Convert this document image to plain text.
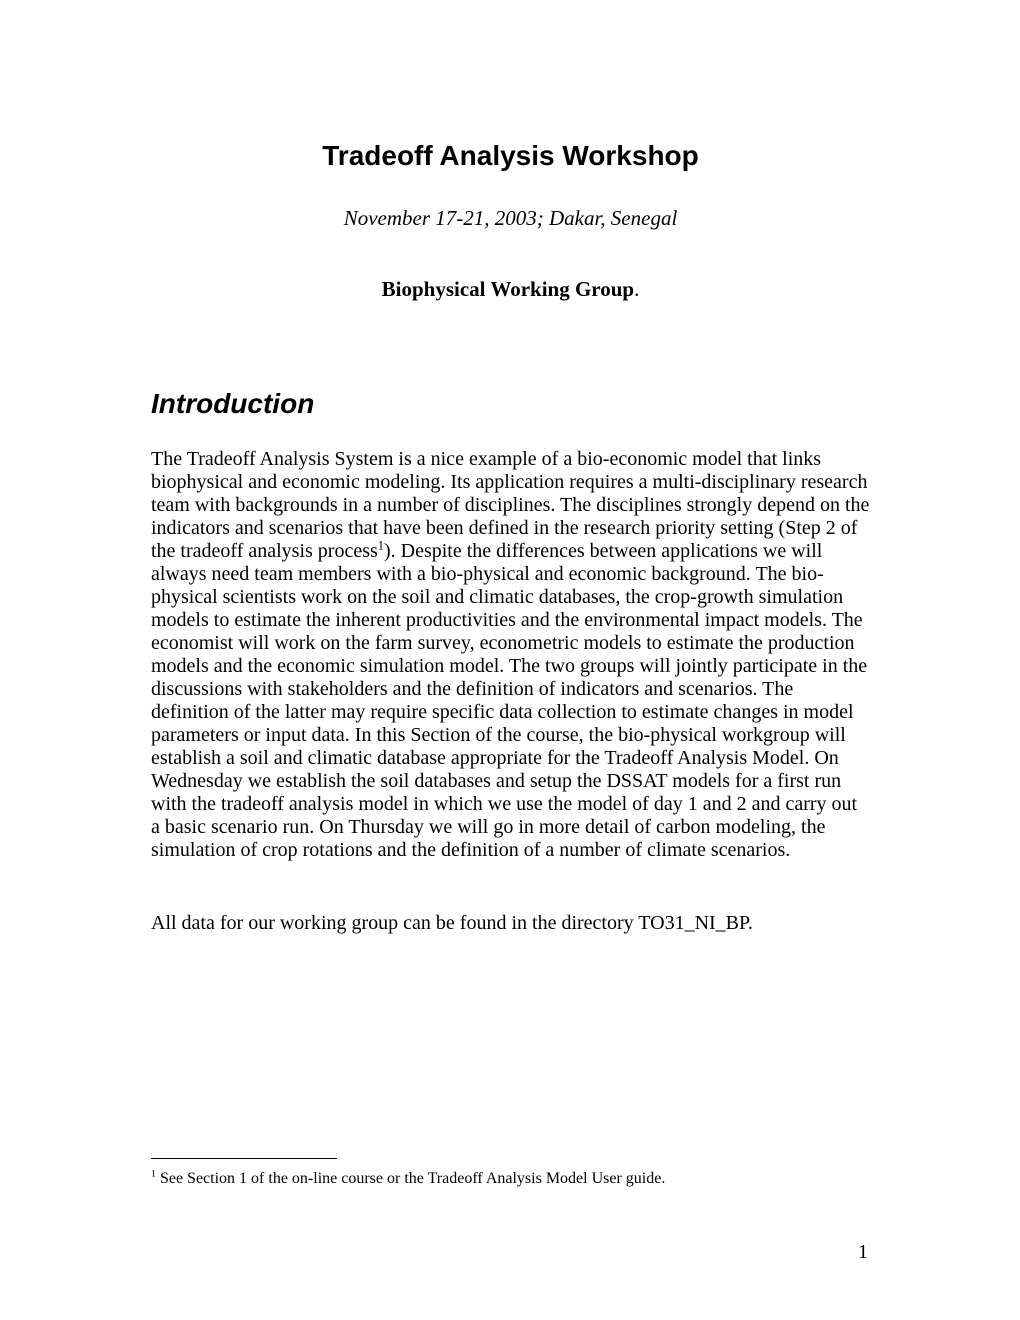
Tradeoff Analysis Workshop

November 17-21, 2003; Dakar, Senegal

Biophysical Working Group.

Introduction

The Tradeoff Analysis System is a nice example of a bio-economic model that links biophysical and economic modeling. Its application requires a multi-disciplinary research team with backgrounds in a number of disciplines. The disciplines strongly depend on the indicators and scenarios that have been defined in the research priority setting (Step 2 of the tradeoff analysis process$^1$). Despite the differences between applications we will always need team members with a bio-physical and economic background. The bio-physical scientists work on the soil and climatic databases, the crop-growth simulation models to estimate the inherent productivities and the environmental impact models. The economist will work on the farm survey, econometric models to estimate the production models and the economic simulation model. The two groups will jointly participate in the discussions with stakeholders and the definition of indicators and scenarios. The definition of the latter may require specific data collection to estimate changes in model parameters or input data. In this Section of the course, the bio-physical workgroup will establish a soil and climatic database appropriate for the Tradeoff Analysis Model. On Wednesday we establish the soil databases and setup the DSSAT models for a first run with the tradeoff analysis model in which we use the model of day 1 and 2 and carry out a basic scenario run. On Thursday we will go in more detail of carbon modeling, the simulation of crop rotations and the definition of a number of climate scenarios.

All data for our working group can be found in the directory TO31_NI_BP.

$^1$ See Section 1 of the on-line course or the Tradeoff Analysis Model User guide.

1
